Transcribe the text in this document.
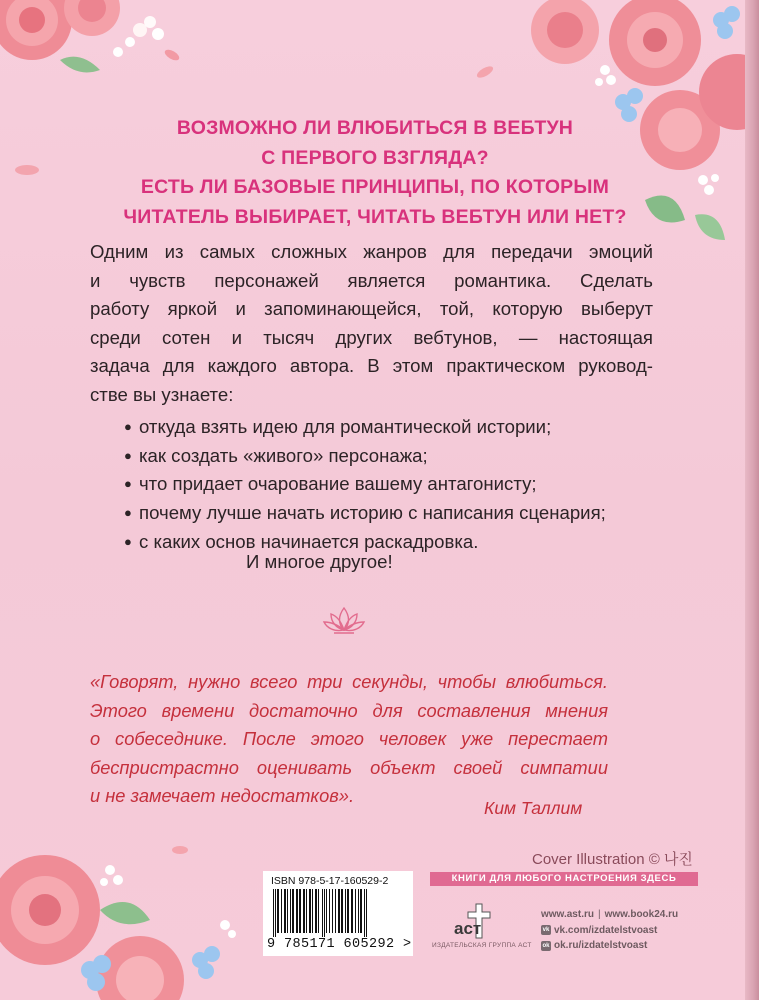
ВОЗМОЖНО ЛИ ВЛЮБИТЬСЯ В ВЕБТУН
С ПЕРВОГО ВЗГЛЯДА?
ЕСТЬ ЛИ БАЗОВЫЕ ПРИНЦИПЫ, ПО КОТОРЫМ
ЧИТАТЕЛЬ ВЫБИРАЕТ, ЧИТАТЬ ВЕБТУН ИЛИ НЕТ?
Одним из самых сложных жанров для передачи эмоций
и чувств персонажей является романтика. Сделать
работу яркой и запоминающейся, той, которую выберут
среди сотен и тысяч других вебтунов, — настоящая
задача для каждого автора. В этом практическом руковод-
стве вы узнаете:
● откуда взять идею для романтической истории;
● как создать «живого» персонажа;
● что придает очарование вашему антагонисту;
● почему лучше начать историю с написания сценария;
● с каких основ начинается раскадровка.
И многое другое!
«Говорят, нужно всего три секунды, чтобы влюбиться.
Этого времени достаточно для составления мнения
о собеседнике. После этого человек уже перестает
беспристрастно оценивать объект своей симпатии
и не замечает недостатков».
Ким Таллим
Cover Illustration © 나진
КНИГИ ДЛЯ ЛЮБОГО НАСТРОЕНИЯ ЗДЕСЬ
ISBN 978-5-17-160529-2
9 785171 605292 >
аст
ИЗДАТЕЛЬСКАЯ ГРУППА АСТ
www.ast.ru | www.book24.ru
vk vk.com/izdatelstvoast
ok ok.ru/izdatelstvoast
